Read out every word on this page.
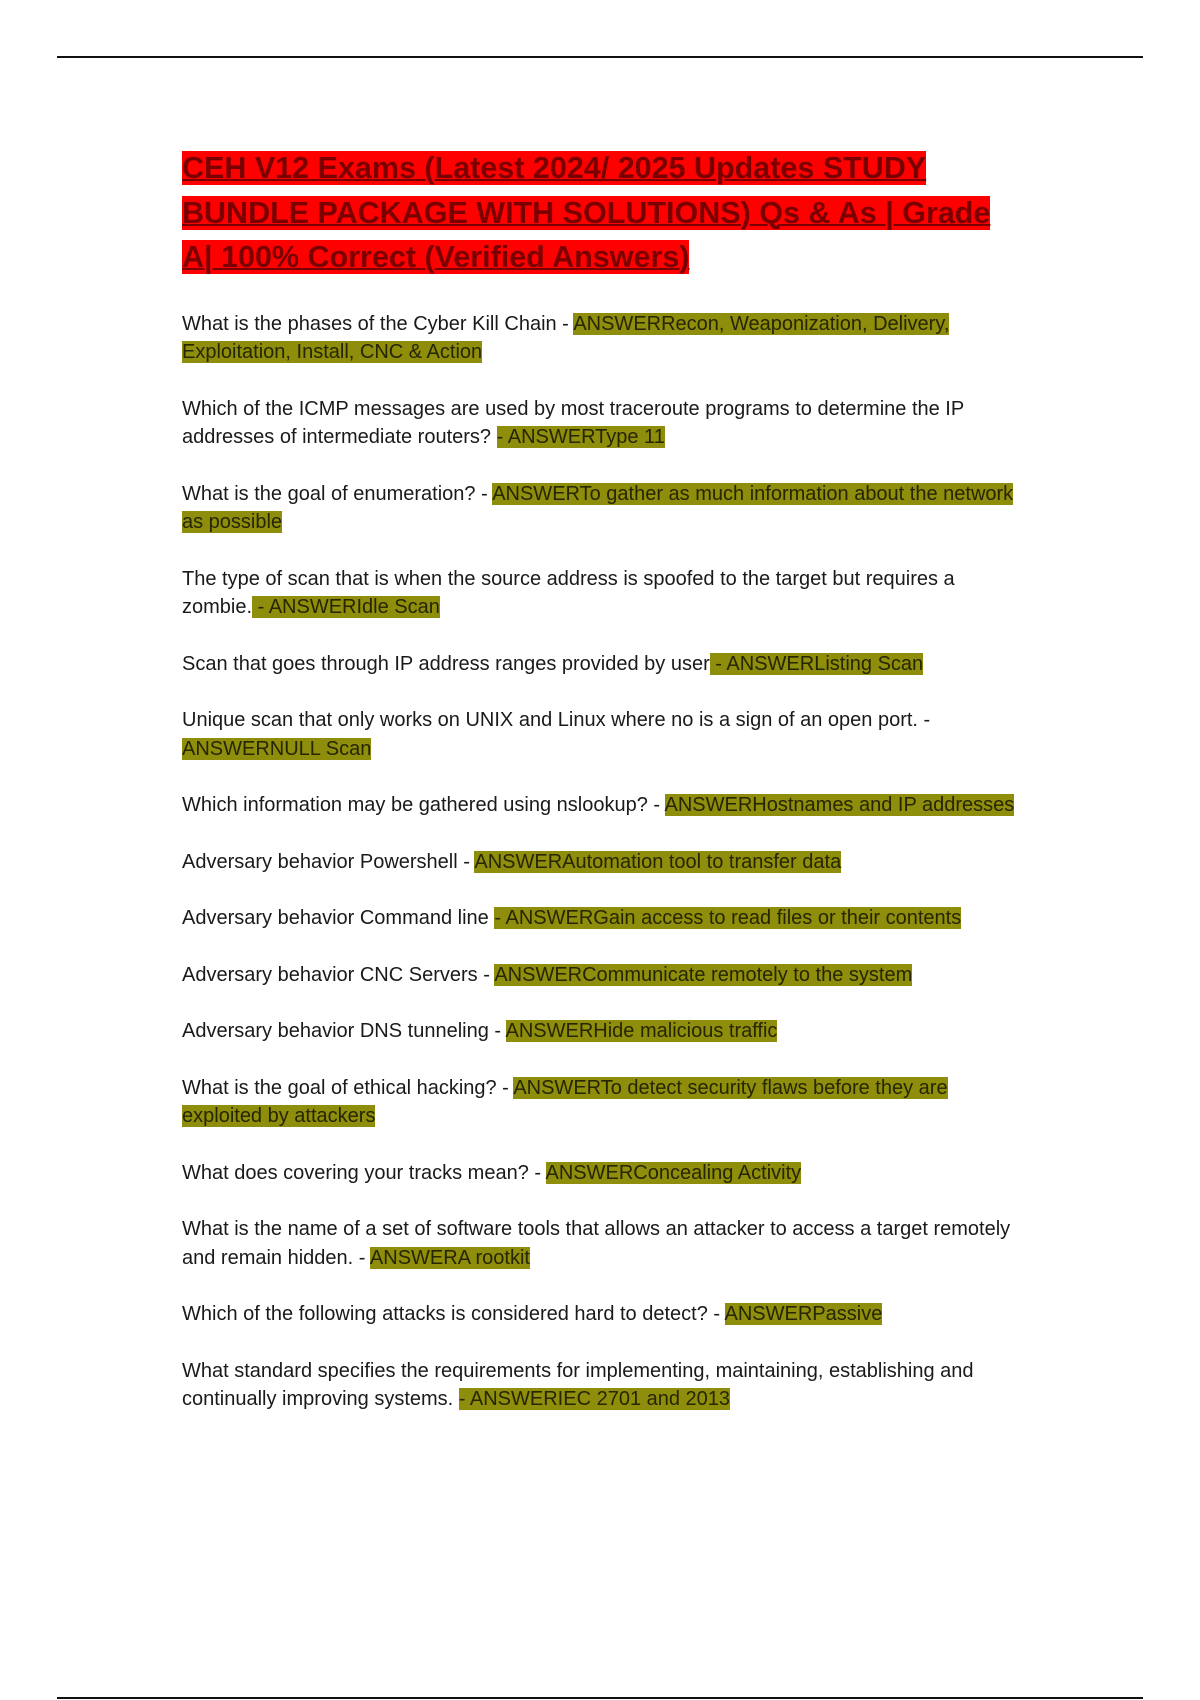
CEH V12 Exams (Latest 2024/ 2025 Updates STUDY BUNDLE PACKAGE WITH SOLUTIONS) Qs & As | Grade A| 100% Correct (Verified Answers)

What is the phases of the Cyber Kill Chain - ANSWERRecon, Weaponization, Delivery, Exploitation, Install, CNC & Action

Which of the ICMP messages are used by most traceroute programs to determine the IP addresses of intermediate routers? - ANSWERType 11

What is the goal of enumeration? - ANSWERTo gather as much information about the network as possible

The type of scan that is when the source address is spoofed to the target but requires a zombie. - ANSWERIdle Scan

Scan that goes through IP address ranges provided by user - ANSWERListing Scan

Unique scan that only works on UNIX and Linux where no is a sign of an open port. - ANSWERNULL Scan

Which information may be gathered using nslookup? - ANSWERHostnames and IP addresses

Adversary behavior Powershell - ANSWERAutomation tool to transfer data

Adversary behavior Command line - ANSWERGain access to read files or their contents

Adversary behavior CNC Servers - ANSWERCommunicate remotely to the system

Adversary behavior DNS tunneling - ANSWERHide malicious traffic

What is the goal of ethical hacking? - ANSWERTo detect security flaws before they are exploited by attackers

What does covering your tracks mean? - ANSWERConcealing Activity

What is the name of a set of software tools that allows an attacker to access a target remotely and remain hidden. - ANSWERA rootkit

Which of the following attacks is considered hard to detect? - ANSWERPassive

What standard specifies the requirements for implementing, maintaining, establishing and continually improving systems. - ANSWERIEC 2701 and 2013
